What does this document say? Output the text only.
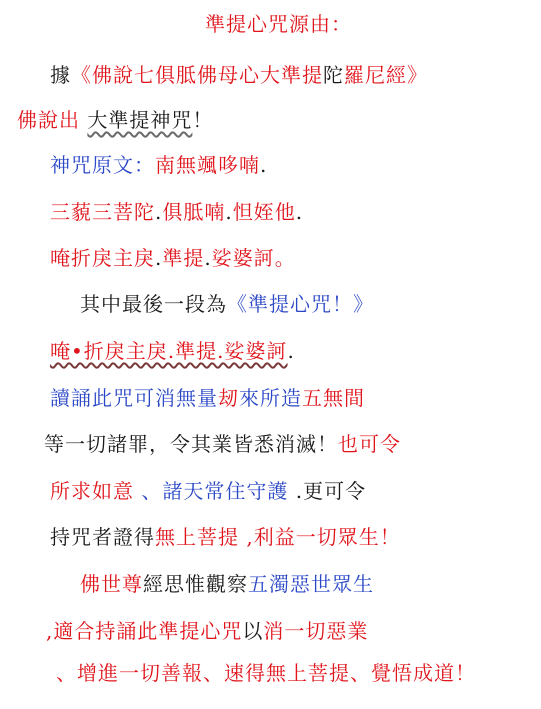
準提心咒源由：
據《佛說七俱胝佛母心大準提陀羅尼經》
佛說出 大準提神咒！
神咒原文：南無颯哆喃.
三藐三菩陀.俱胝喃.怛姪他.
唵折戾主戾.準提.娑婆訶。
其中最後一段為《準提心咒！》
唵•折戾主戾.準提.娑婆訶.
讀誦此咒可消無量刼來所造五無間
等一切諸罪，令其業皆悉消滅！也可令
所求如意 、諸天常住守護 .更可令
持咒者證得無上菩提 ,利益一切眾生！
佛世尊經思惟觀察五濁惡世眾生
,適合持誦此準提心咒以消一切惡業
、增進一切善報、速得無上菩提、覺悟成道！
